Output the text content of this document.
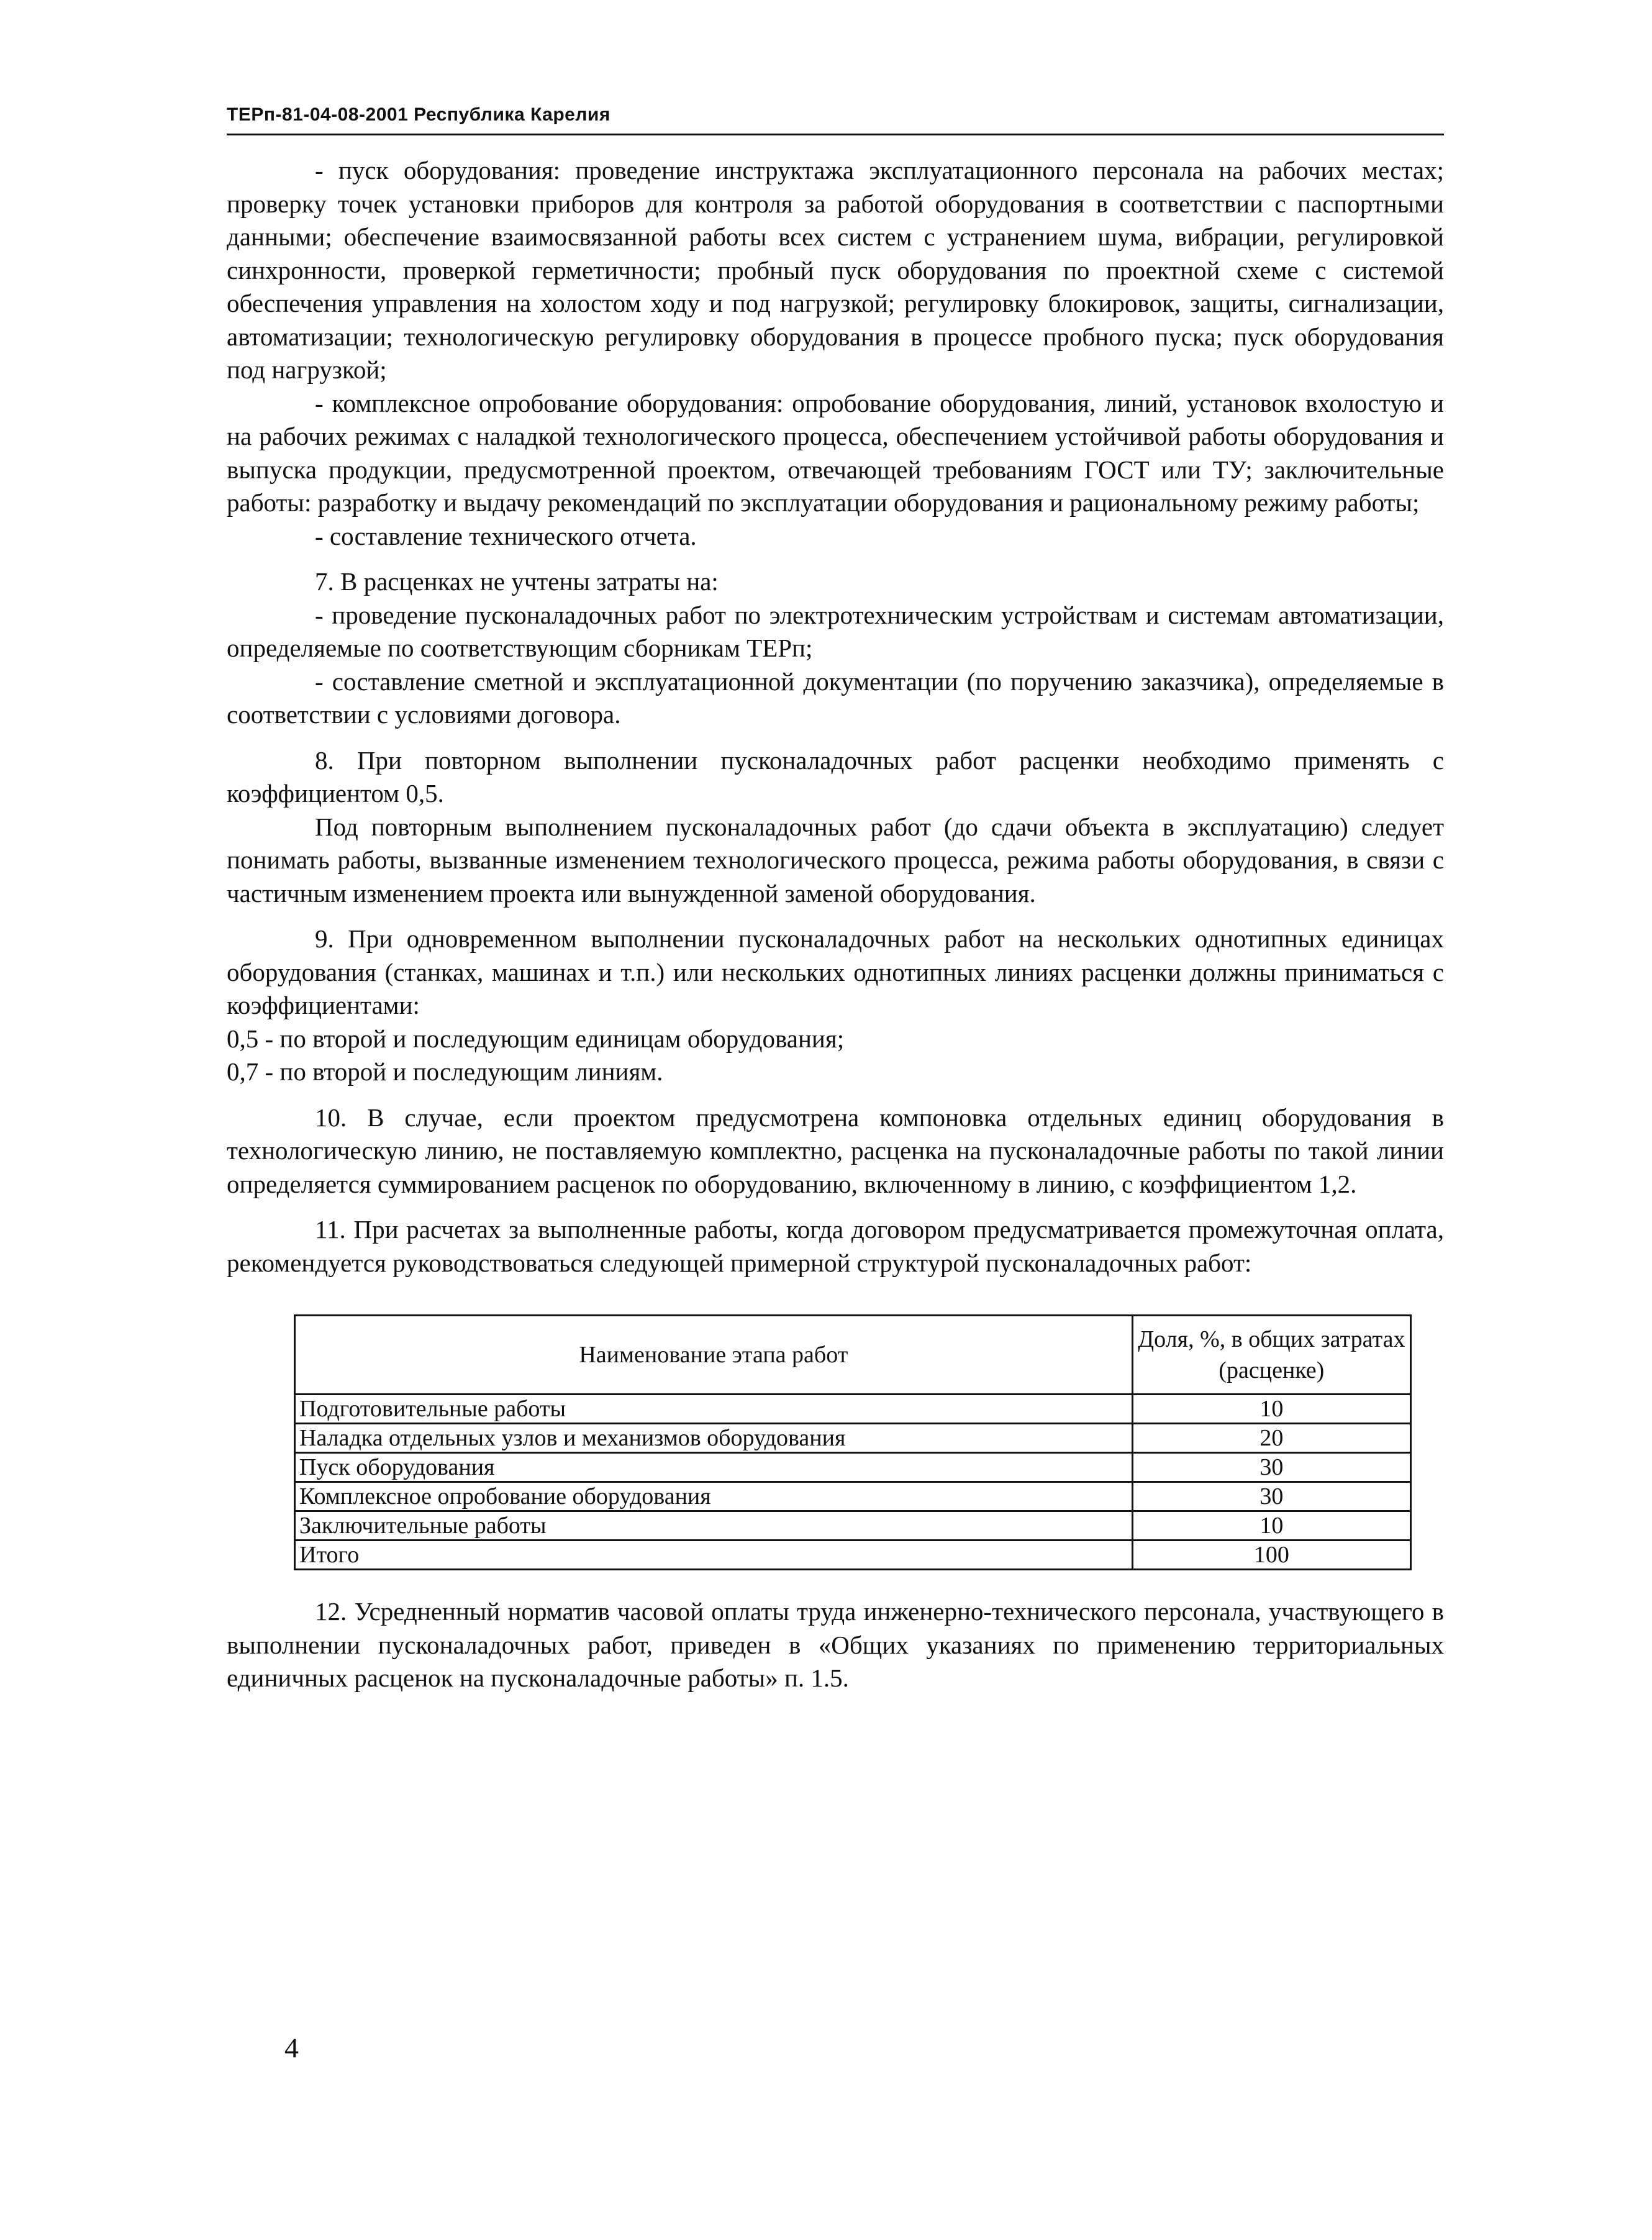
ТЕРп-81-04-08-2001 Республика Карелия

- пуск оборудования: проведение инструктажа эксплуатационного персонала на рабочих местах; проверку точек установки приборов для контроля за работой оборудования в соответствии с паспортными данными; обеспечение взаимосвязанной работы всех систем с устранением шума, вибрации, регулировкой синхронности, проверкой герметичности; пробный пуск оборудования по проектной схеме с системой обеспечения управления на холостом ходу и под нагрузкой; регулировку блокировок, защиты, сигнализации, автоматизации; технологическую регулировку оборудования в процессе пробного пуска; пуск оборудования под нагрузкой;

- комплексное опробование оборудования: опробование оборудования, линий, установок вхолостую и на рабочих режимах с наладкой технологического процесса, обеспечением устойчивой работы оборудования и выпуска продукции, предусмотренной проектом, отвечающей требованиям ГОСТ или ТУ; заключительные работы: разработку и выдачу рекомендаций по эксплуатации оборудования и рациональному режиму работы;

- составление технического отчета.

7. В расценках не учтены затраты на:

- проведение пусконаладочных работ по электротехническим устройствам и системам автоматизации, определяемые по соответствующим сборникам ТЕРп;

- составление сметной и эксплуатационной документации (по поручению заказчика), определяемые в соответствии с условиями договора.

8. При повторном выполнении пусконаладочных работ расценки необходимо применять с коэффициентом 0,5.

Под повторным выполнением пусконаладочных работ (до сдачи объекта в эксплуатацию) следует понимать работы, вызванные изменением технологического процесса, режима работы оборудования, в связи с частичным изменением проекта или вынужденной заменой оборудования.

9. При одновременном выполнении пусконаладочных работ на нескольких однотипных единицах оборудования (станках, машинах и т.п.) или нескольких однотипных линиях расценки должны приниматься с коэффициентами:

0,5 - по второй и последующим единицам оборудования;

0,7 - по второй и последующим линиям.

10. В случае, если проектом предусмотрена компоновка отдельных единиц оборудования в технологическую линию, не поставляемую комплектно, расценка на пусконаладочные работы по такой линии определяется суммированием расценок по оборудованию, включенному в линию, с коэффициентом 1,2.

11. При расчетах за выполненные работы, когда договором предусматривается промежуточная оплата, рекомендуется руководствоваться следующей примерной структурой пусконаладочных работ:

Наименование этапа работ	Доля, %, в общих затратах (расценке)
Подготовительные работы	10
Наладка отдельных узлов и механизмов оборудования	20
Пуск оборудования	30
Комплексное опробование оборудования	30
Заключительные работы	10
Итого	100

12. Усредненный норматив часовой оплаты труда инженерно-технического персонала, участвующего в выполнении пусконаладочных работ, приведен в «Общих указаниях по применению территориальных единичных расценок на пусконаладочные работы» п. 1.5.

4
